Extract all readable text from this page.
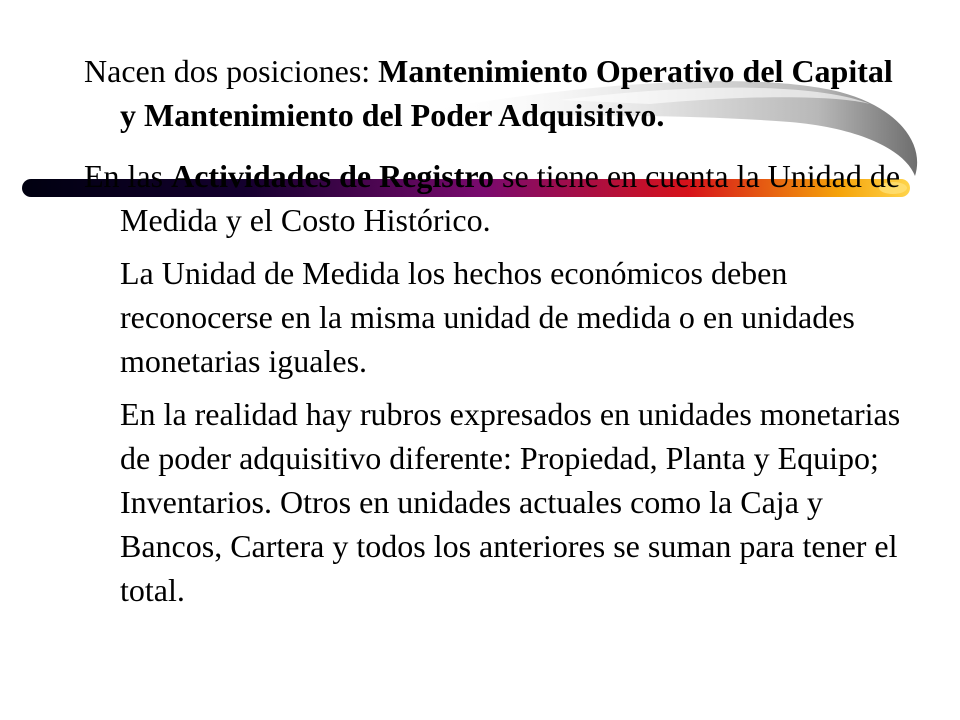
Nacen dos posiciones: Mantenimiento Operativo del Capital y Mantenimiento del Poder Adquisitivo.

En las Actividades de Registro se tiene en cuenta la Unidad de Medida y el Costo Histórico.

La Unidad de Medida los hechos económicos deben reconocerse en la misma unidad de medida o en unidades monetarias iguales.

En la realidad hay rubros expresados en unidades monetarias de poder adquisitivo diferente: Propiedad, Planta y Equipo; Inventarios. Otros en unidades actuales como la Caja y Bancos, Cartera y todos los anteriores se suman para tener el total.
